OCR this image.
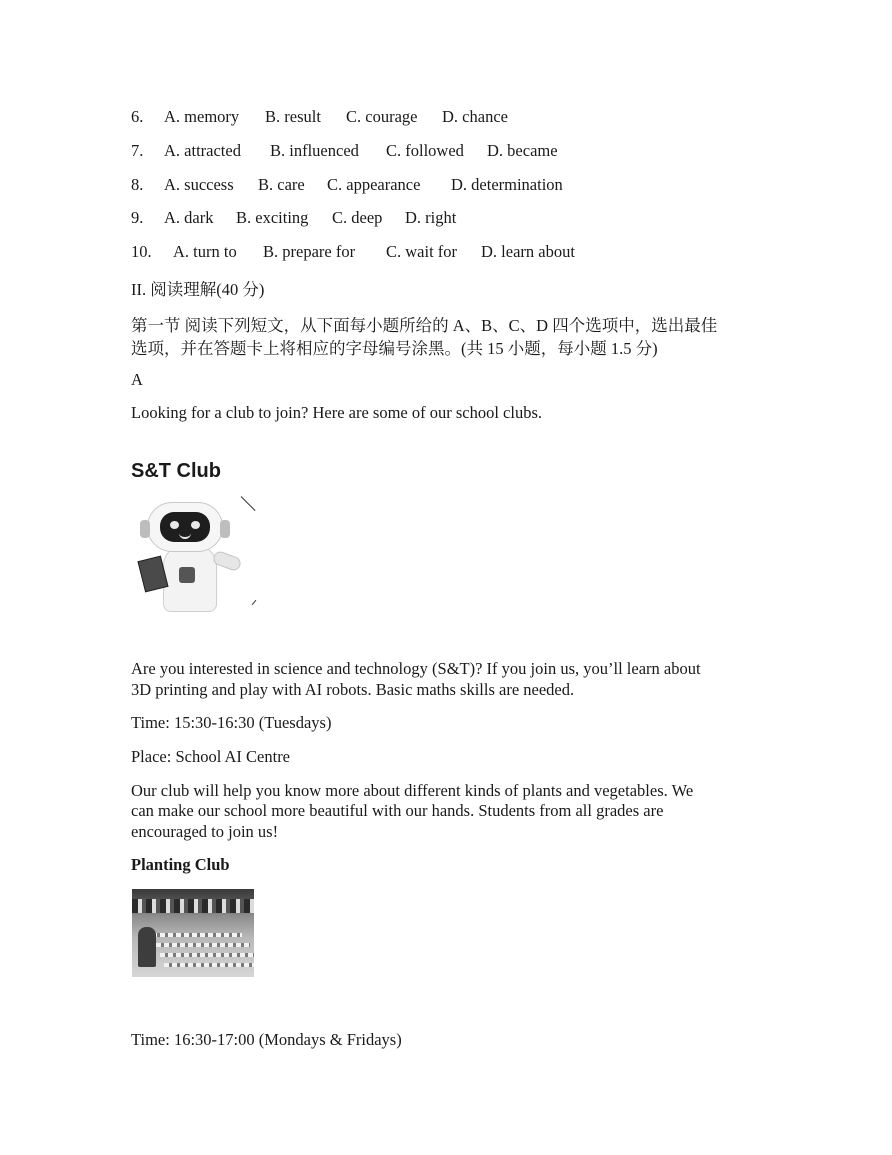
6. A. memory B. result C. courage D. chance
7. A. attracted B. influenced C. followed D. became
8. A. success B. care C. appearance D. determination
9. A. dark B. exciting C. deep D. right
10. A. turn to B. prepare for C. wait for D. learn about
II. 阅读理解(40 分)
第一节 阅读下列短文，从下面每小题所给的 A、B、C、D 四个选项中，选出最佳
选项，并在答题卡上将相应的字母编号涂黑。(共 15 小题，每小题 1.5 分)
A
Looking for a club to join? Here are some of our school clubs.
S&T Club
Are you interested in science and technology (S&T)? If you join us, you’ll learn about
3D printing and play with AI robots. Basic maths skills are needed.
Time: 15:30-16:30 (Tuesdays)
Place: School AI Centre
Our club will help you know more about different kinds of plants and vegetables. We
can make our school more beautiful with our hands. Students from all grades are
encouraged to join us!
Planting Club
Time: 16:30-17:00 (Mondays & Fridays)
